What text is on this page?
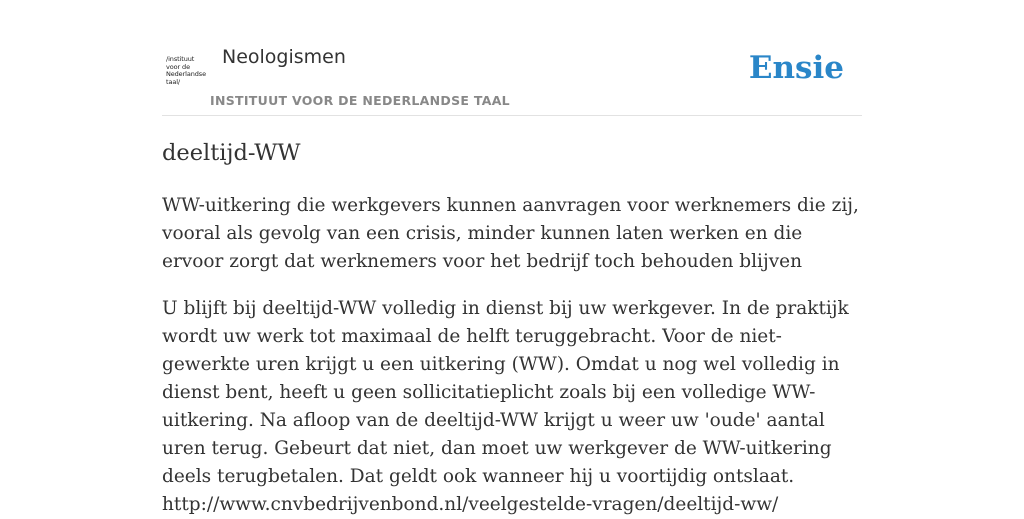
/instituut
voor de
Nederlandse
taal/
Neologismen
INSTITUUT VOOR DE NEDERLANDSE TAAL
Ensie
deeltijd-WW

WW-uitkering die werkgevers kunnen aanvragen voor werknemers die zij, vooral als gevolg van een crisis, minder kunnen laten werken en die ervoor zorgt dat werknemers voor het bedrijf toch behouden blijven

U blijft bij deeltijd-WW volledig in dienst bij uw werkgever. In de praktijk wordt uw werk tot maximaal de helft teruggebracht. Voor de niet-gewerkte uren krijgt u een uitkering (WW). Omdat u nog wel volledig in dienst bent, heeft u geen sollicitatieplicht zoals bij een volledige WW-uitkering. Na afloop van de deeltijd-WW krijgt u weer uw 'oude' aantal uren terug. Gebeurt dat niet, dan moet uw werkgever de WW-uitkering deels terugbetalen. Dat geldt ook wanneer hij u voortijdig ontslaat.
http://www.cnvbedrijvenbond.nl/veelgestelde-vragen/deeltijd-ww/
